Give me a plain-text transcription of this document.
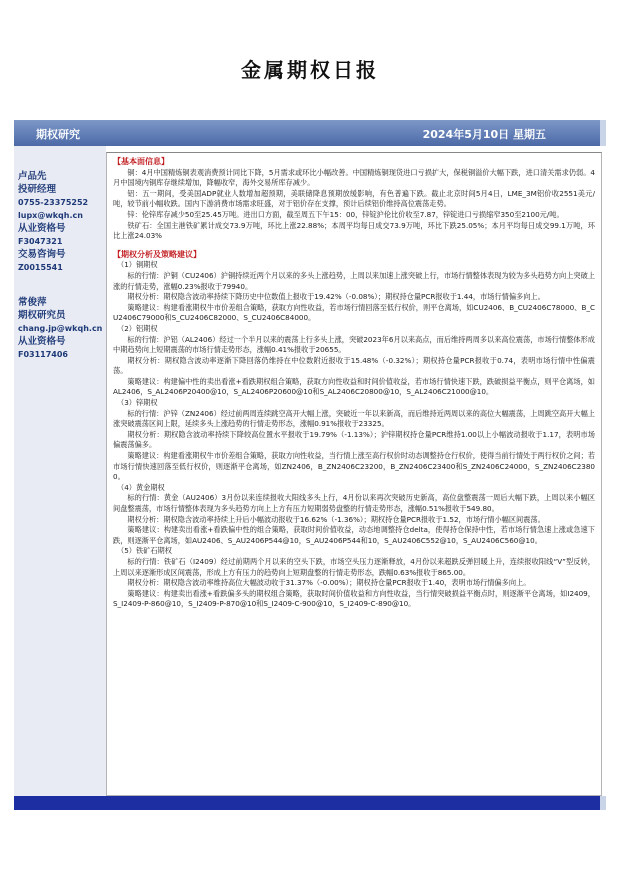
金属期权日报
期权研究	2024年5月10日 星期五
卢品先
投研经理
0755-23375252
lupx@wkqh.cn
从业资格号
F3047321
交易咨询号
Z0015541
常俊萍
期权研究员
chang.jp@wkqh.cn
从业资格号
F03117406
【基本面信息】

铜：4月中国精炼铜表观消费预计同比下降，5月需求或环比小幅改善。中国精炼铜现货进口亏损扩大，保税铜溢价大幅下跌，进口清关需求仍弱。4月中国境内铜库存继续增加，降幅收窄，海外交易所库存减少。

铝：五一期间，受美国ADP就业人数增加超预期，美联储降息预期放缓影响，有色普遍下跌。截止北京时间5月4日，LME_3M铝价收2551美元/吨，较节前小幅收跌。国内下游消费市场需求旺盛，对于铝价存在支撑，预计后续铝价维持高位震荡走势。

锌：伦锌库存减少50至25.45万吨。进出口方面，截至周五下午15：00，锌锭沪伦比价收至7.87，锌锭进口亏损缩窄350至2100元/吨。

铁矿石：全国主港铁矿累计成交73.9万吨，环比上涨22.88%；本周平均每日成交73.9万吨，环比下跌25.05%；本月平均每日成交99.1万吨，环比上涨24.03%

【期权分析及策略建议】

（1）铜期权

标的行情：沪铜（CU2406）沪铜持续近两个月以来的多头上涨趋势，上周以来加速上涨突破上行，市场行情整体表现为较为多头趋势方向上突破上涨的行情走势，涨幅0.23%报收于79940。

期权分析：期权隐含波动率持续下降历史中位数值上报收于19.42%（-0.08%）；期权持仓量PCR报收于1.44，市场行情偏多向上。

策略建议：构建看涨期权牛市价差组合策略，获取方向性收益，若市场行情回落至低行权价，则平仓离场，如CU2406、B_CU2406C78000、B_CU2406C79000和S_CU2406C82000、S_CU2406C84000。

（2）铝期权

标的行情：沪铝（AL2406）经过一个半月以来的震荡上行多头上涨，突破2023年6月以来高点，而后维持两周多以来高位震荡，市场行情整体形成中期趋势向上短期震荡的市场行情走势形态，涨幅0.41%报收于20655。

期权分析：期权隐含波动率逐渐下降回落仍维持在中位数附近报收于15.48%（-0.32%）；期权持仓量PCR报收于0.74，表明市场行情中性偏震荡。

策略建议：构建偏中性的卖出看涨+看跌期权组合策略，获取方向性收益和时间价值收益，若市场行情快速下跌，跌破损益平衡点，则平仓离场，如AL2406，S_AL2406P20400@10，S_AL2406P20600@10和S_AL2406C20800@10，S_AL2406C21000@10。

（3）锌期权

标的行情：沪锌（ZN2406）经过前两周连续跳空高开大幅上涨，突破近一年以来新高，而后维持近两周以来的高位大幅震荡，上周跳空高开大幅上涨突破震荡区间上限，延续多头上涨趋势的行情走势形态，涨幅0.91%报收于23325。

期权分析：期权隐含波动率持续下降较高位置水平报收于19.79%（-1.13%）；沪锌期权持仓量PCR维持1.00以上小幅波动报收于1.17，表明市场偏震荡偏多。

策略建议：构建看涨期权牛市价差组合策略，获取方向性收益，当行情上涨至高行权价时动态调整持仓行权价，使得当前行情处于两行权价之间；若市场行情快速回落至低行权价，则逐渐平仓离场，如ZN2406，B_ZN2406C23200，B_ZN2406C23400和S_ZN2406C24000，S_ZN2406C23800。

（4）黄金期权

标的行情：黄金（AU2406）3月份以来连续报收大阳线多头上行，4月份以来再次突破历史新高，高位盘整震荡一周后大幅下跌，上周以来小幅区间盘整震荡，市场行情整体表现为多头趋势方向上上方有压力短期弱势盘整的行情走势形态，涨幅0.51%报收于549.80。

期权分析：期权隐含波动率持续上升后小幅波动报收于16.62%（-1.36%）；期权持仓量PCR报收于1.52，市场行情小幅区间震荡。

策略建议：构建卖出看涨+看跌偏中性的组合策略，获取时间价值收益，动态地调整持仓delta，使得持仓保持中性，若市场行情急速上涨或急速下跌，则逐渐平仓离场，如AU2406、S_AU2406P544@10，S_AU2406P544和10，S_AU2406C552@10，S_AU2406C560@10。

（5）铁矿石期权

标的行情：铁矿石（I2409）经过前期两个月以来的空头下跌，市场空头压力逐渐释放，4月份以来超跌反弹回暖上升，连续报收阳线“V”型反转，上周以来逐渐形成区间震荡，形成上方有压力的趋势向上短期盘整的行情走势形态，跌幅0.63%报收于865.00。

期权分析：期权隐含波动率维持高位大幅波动收于31.37%（-0.00%）；期权持仓量PCR报收于1.40，表明市场行情偏多向上。

策略建议：构建卖出看涨+看跌偏多头的期权组合策略，获取时间价值收益和方向性收益，当行情突破损益平衡点时，则逐渐平仓离场，如I2409，S_I2409-P-860@10，S_I2409-P-870@10和S_I2409-C-900@10，S_I2409-C-890@10。
